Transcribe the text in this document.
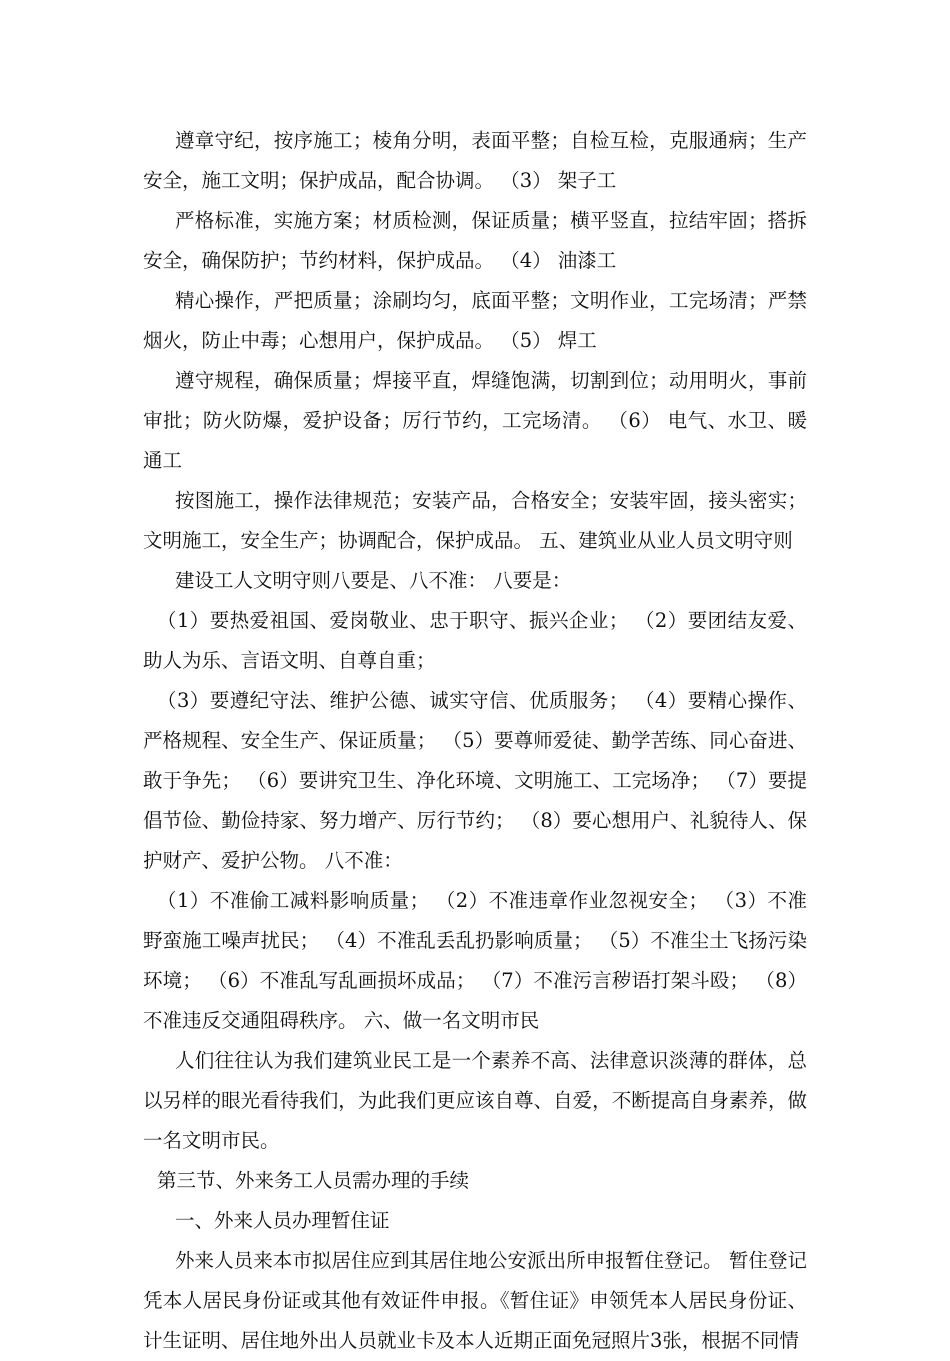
遵章守纪，按序施工；棱角分明，表面平整；自检互检，克服通病；生产安全，施工文明；保护成品，配合协调。 （3） 架子工

严格标准，实施方案；材质检测，保证质量；横平竖直，拉结牢固；搭拆安全，确保防护；节约材料，保护成品。 （4） 油漆工

精心操作，严把质量；涂刷均匀，底面平整；文明作业，工完场清；严禁烟火，防止中毒；心想用户，保护成品。 （5） 焊工

遵守规程，确保质量；焊接平直，焊缝饱满，切割到位；动用明火，事前审批；防火防爆，爱护设备；厉行节约，工完场清。 （6） 电气、水卫、暖通工

按图施工，操作法律规范；安装产品，合格安全；安装牢固，接头密实；文明施工，安全生产；协调配合，保护成品。 五、建筑业从业人员文明守则

建设工人文明守则八要是、八不准： 八要是：

（1）要热爱祖国、爱岗敬业、忠于职守、振兴企业； （2）要团结友爱、助人为乐、言语文明、自尊自重；

（3）要遵纪守法、维护公德、诚实守信、优质服务； （4）要精心操作、严格规程、安全生产、保证质量； （5）要尊师爱徒、勤学苦练、同心奋进、敢于争先； （6）要讲究卫生、净化环境、文明施工、工完场净； （7）要提倡节俭、勤俭持家、努力增产、厉行节约； （8）要心想用户、礼貌待人、保护财产、爱护公物。 八不准：

（1）不准偷工减料影响质量； （2）不准违章作业忽视安全； （3）不准野蛮施工噪声扰民； （4）不准乱丢乱扔影响质量； （5）不准尘土飞扬污染环境； （6）不准乱写乱画损坏成品； （7）不准污言秽语打架斗殴； （8）不准违反交通阻碍秩序。 六、做一名文明市民

人们往往认为我们建筑业民工是一个素养不高、法律意识淡薄的群体，总以另样的眼光看待我们，为此我们更应该自尊、自爱，不断提高自身素养，做一名文明市民。

第三节、外来务工人员需办理的手续

一、外来人员办理暂住证

外来人员来本市拟居住应到其居住地公安派出所申报暂住登记。 暂住登记凭本人居民身份证或其他有效证件申报。《暂住证》申领凭本人居民身份证、计生证明、居住地外出人员就业卡及本人近期正面免冠照片3张，根据不同情
